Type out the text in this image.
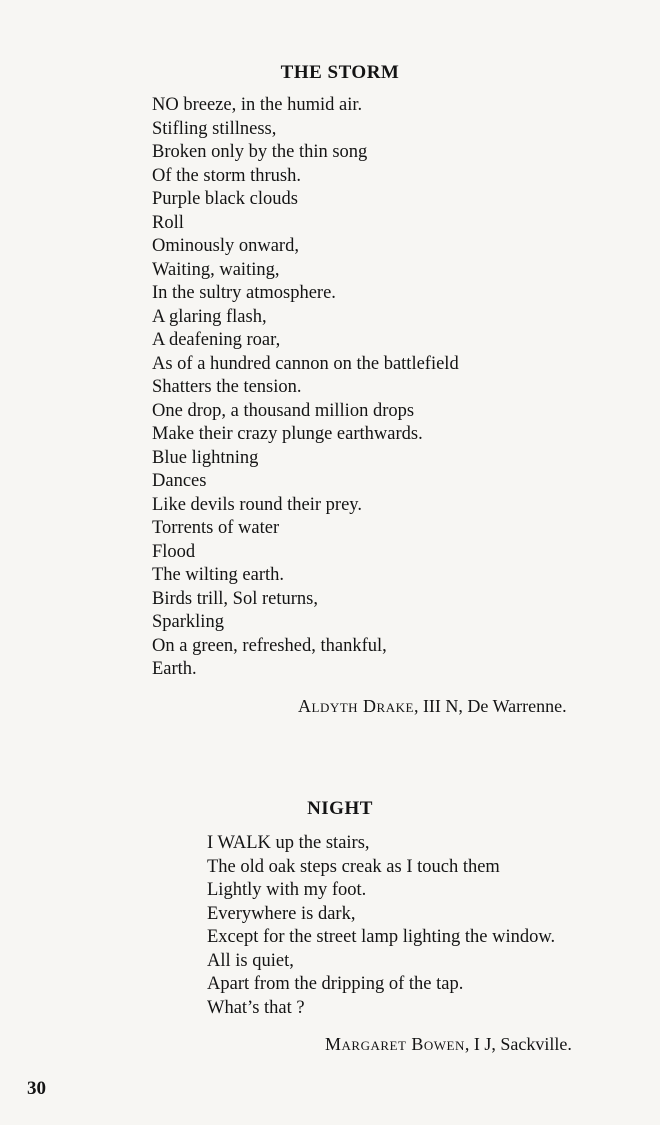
THE STORM
NO breeze, in the humid air.
Stifling stillness,
Broken only by the thin song
Of the storm thrush.
Purple black clouds
Roll
Ominously onward,
Waiting, waiting,
In the sultry atmosphere.
A glaring flash,
A deafening roar,
As of a hundred cannon on the battlefield
Shatters the tension.
One drop, a thousand million drops
Make their crazy plunge earthwards.
Blue lightning
Dances
Like devils round their prey.
Torrents of water
Flood
The wilting earth.
Birds trill, Sol returns,
Sparkling
On a green, refreshed, thankful,
Earth.
Aldyth Drake, III N, De Warrenne.
NIGHT
I WALK up the stairs,
The old oak steps creak as I touch them
Lightly with my foot.
Everywhere is dark,
Except for the street lamp lighting the window.
All is quiet,
Apart from the dripping of the tap.
What’s that ?
Margaret Bowen, I J, Sackville.
30
